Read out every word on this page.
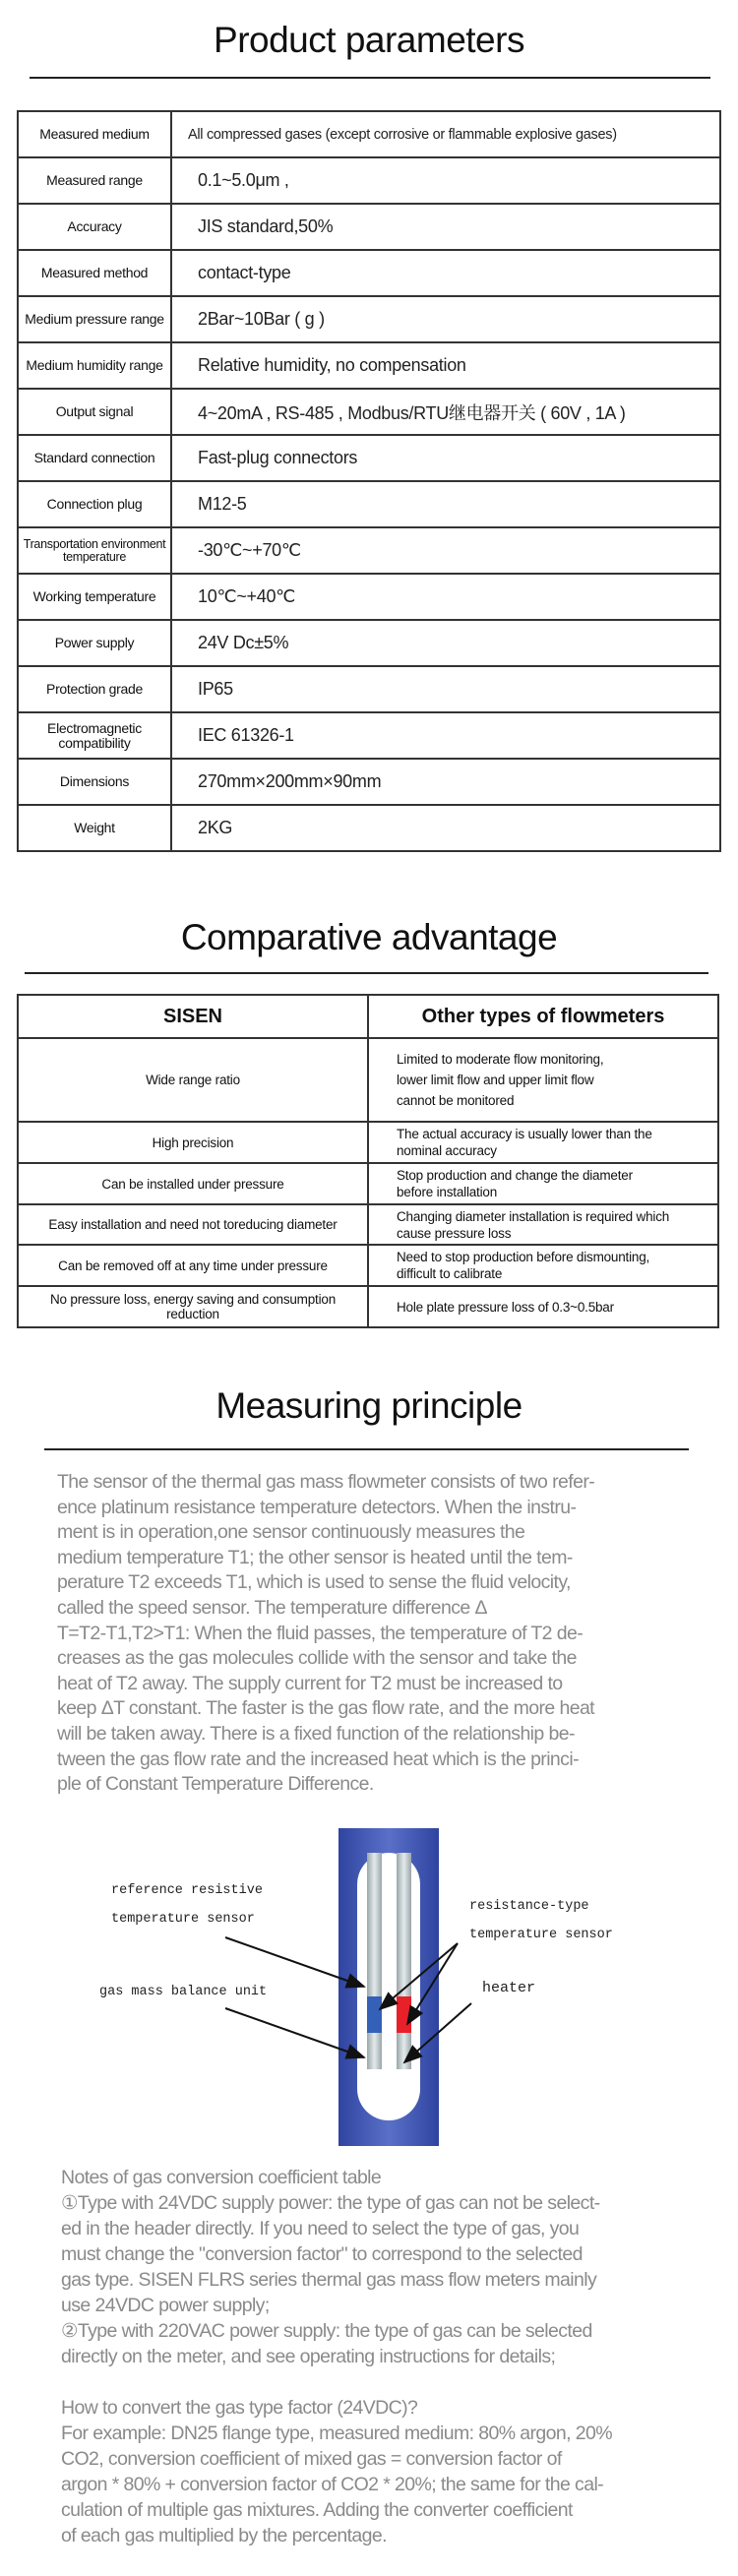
Product parameters
Measured medium	All compressed gases (except corrosive or flammable explosive gases)
Measured range	0.1~5.0μm ,
Accuracy	JIS standard,50%
Measured method	contact-type
Medium pressure range	2Bar~10Bar ( g )
Medium humidity range	Relative humidity, no compensation
Output signal	4~20mA , RS-485 , Modbus/RTU继电器开关 ( 60V , 1A )
Standard connection	Fast-plug connectors
Connection plug	M12-5
Transportation environment temperature	-30℃~+70℃
Working temperature	10℃~+40℃
Power supply	24V Dc±5%
Protection grade	IP65
Electromagnetic compatibility	IEC 61326-1
Dimensions	270mm×200mm×90mm
Weight	2KG
Comparative advantage
SISEN	Other types of flowmeters
Wide range ratio	Limited to moderate flow monitoring,
lower limit flow and upper limit flow
cannot be monitored
High precision	The actual accuracy is usually lower than the
nominal accuracy
Can be installed under pressure	Stop production and change the diameter
before installation
Easy installation and need not toreducing diameter	Changing diameter installation is required which
cause pressure loss
Can be removed off at any time under pressure	Need to stop production before dismounting,
difficult to calibrate
No pressure loss, energy saving and consumption reduction	Hole plate pressure loss of 0.3~0.5bar
Measuring principle
The sensor of the thermal gas mass flowmeter consists of two refer-
ence platinum resistance temperature detectors. When the instru-
ment is in operation,one sensor continuously measures the
medium temperature T1; the other sensor is heated until the tem-
perature T2 exceeds T1, which is used to sense the fluid velocity,
called the speed sensor. The temperature difference Δ
T=T2-T1,T2>T1: When the fluid passes, the temperature of T2 de-
creases as the gas molecules collide with the sensor and take the
heat of T2 away. The supply current for T2 must be increased to
keep ΔT constant. The faster is the gas flow rate, and the more heat
will be taken away. There is a fixed function of the relationship be-
tween the gas flow rate and the increased heat which is the princi-
ple of Constant Temperature Difference.
reference resistive
temperature sensor
gas mass balance unit
resistance-type
temperature sensor
heater
Notes of gas conversion coefficient table
①Type with 24VDC supply power: the type of gas can not be select-
ed in the header directly. If you need to select the type of gas, you
must change the "conversion factor" to correspond to the selected
gas type. SISEN FLRS series thermal gas mass flow meters mainly
use 24VDC power supply;
②Type with 220VAC power supply: the type of gas can be selected
directly on the meter, and see operating instructions for details;

How to convert the gas type factor (24VDC)?
For example: DN25 flange type, measured medium: 80% argon, 20%
CO2, conversion coefficient of mixed gas = conversion factor of
argon * 80% + conversion factor of CO2 * 20%; the same for the cal-
culation of multiple gas mixtures. Adding the converter coefficient
of each gas multiplied by the percentage.
